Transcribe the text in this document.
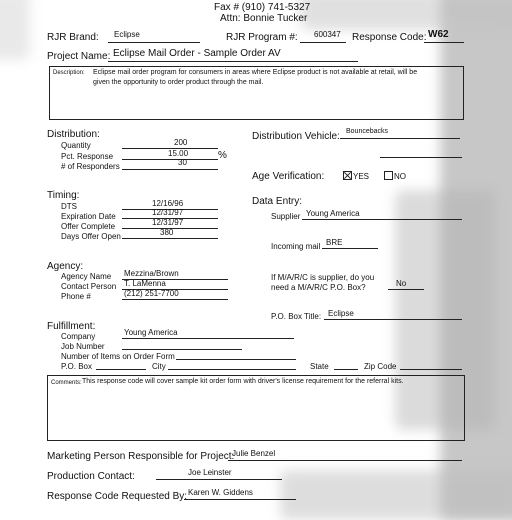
Fax # (910) 741-5327
Attn: Bonnie Tucker
RJR Brand: Eclipse	RJR Program #: 600347 Response Code: W62
Project Name: Eclipse Mail Order - Sample Order AV
Description: Eclipse mail order program for consumers in areas where Eclipse product is not available at retail, will be
given the opportunity to order product through the mail.
Distribution:
Quantity	200
Pct. Response	15.00	%
# of Responders	30
Distribution Vehicle: Bouncebacks
Age Verification:	YES	NO
Timing:
DTS	12/16/96
Expiration Date	12/31/97
Offer Complete	12/31/97
Days Offer Open	380
Data Entry:
Supplier Young America
Incoming mail BRE
If M/A/R/C is supplier, do you
need a M/A/R/C P.O. Box?	No
P.O. Box Title: Eclipse
Agency:
Agency Name Mezzina/Brown
Contact Person T. LaMenna
Phone #	(212) 251-7700
Fulfillment:
Company	Young America
Job Number
Number of Items on Order Form
P.O. Box	City	State	Zip Code
Comments: This response code will cover sample kit order form with driver's license requirement for the referral kits.
Marketing Person Responsible for Project:
Julie Benzel
Production Contact:	Joe Leinster
Response Code Requested By: Karen W. Giddens
